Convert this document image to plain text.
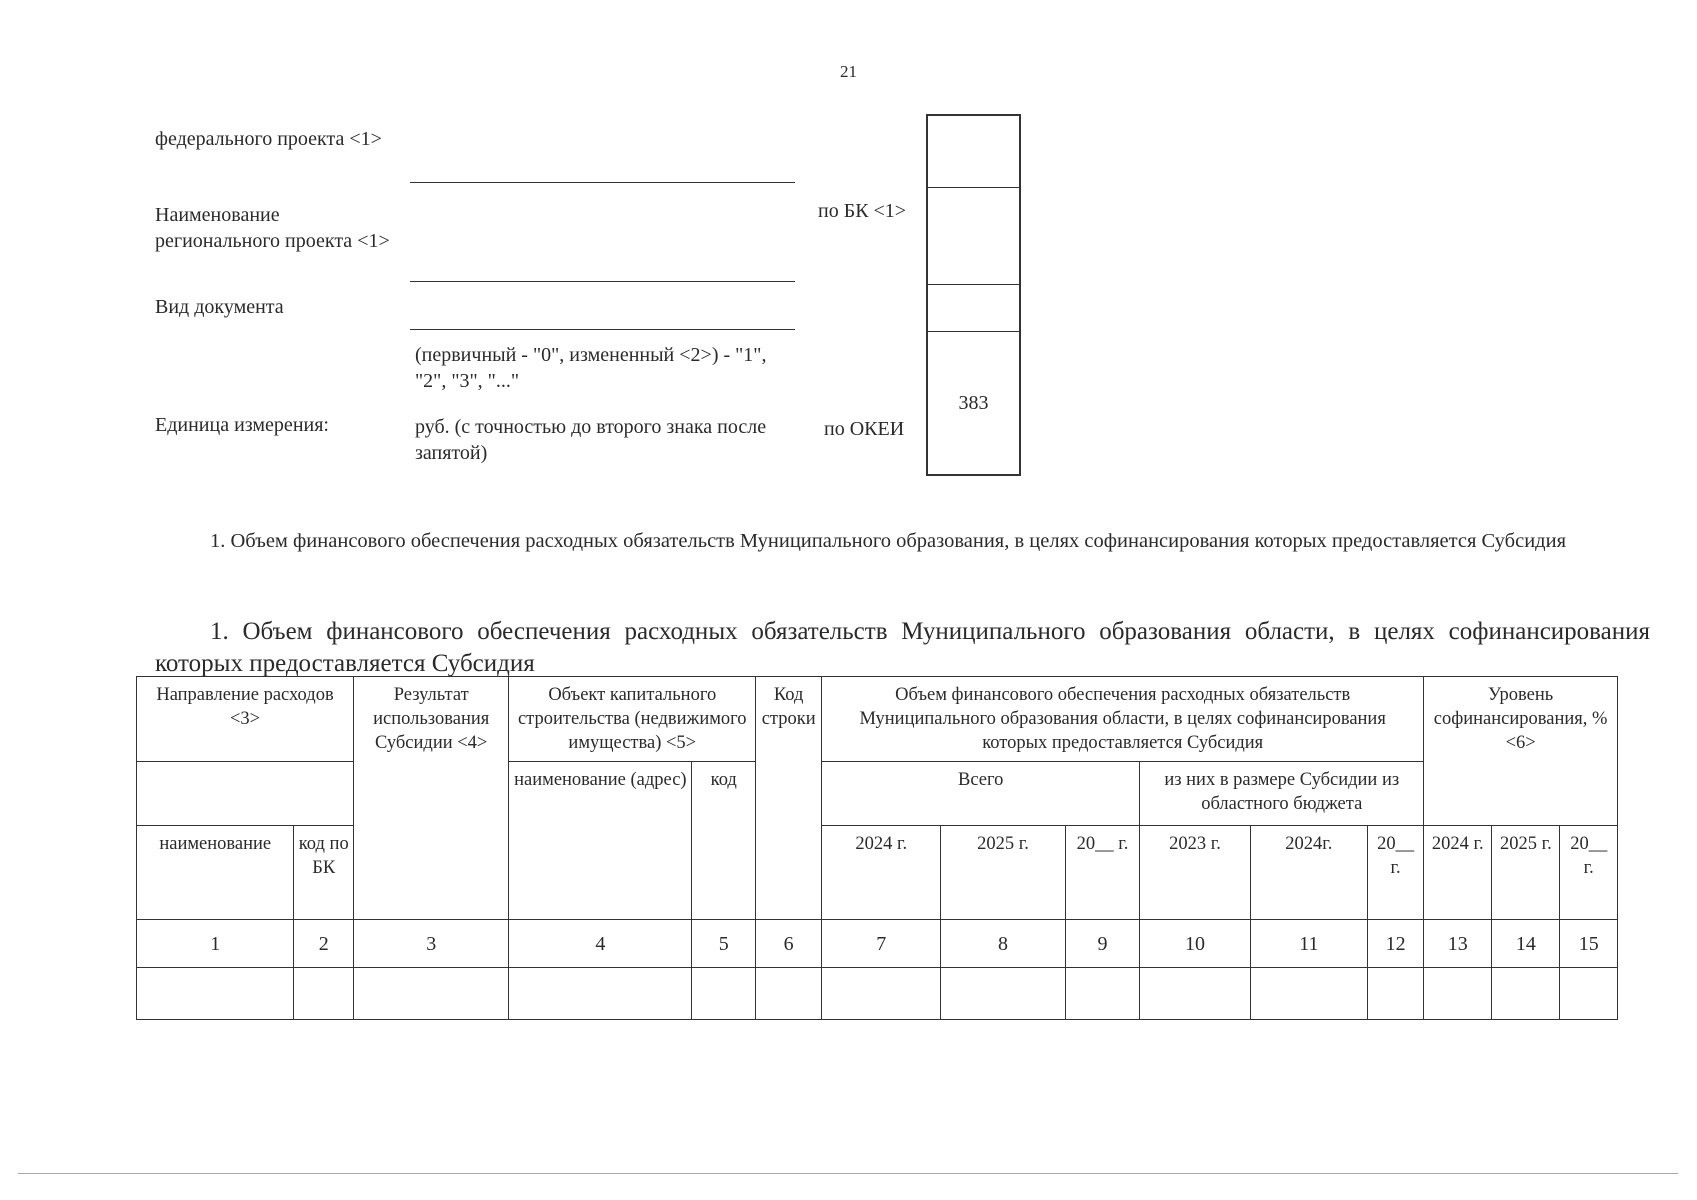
21
федерального проекта <1>
Наименование регионального проекта <1>
по БК <1>
Вид документа
(первичный - "0", измененный <2>) - "1", "2", "3", "..."
Единица измерения:	руб. (с точностью до второго знака после запятой)
по ОКЕИ
383
1. Объем финансового обеспечения расходных обязательств Муниципального образования, в целях софинансирования которых предоставляется Субсидия
1. Объем финансового обеспечения расходных обязательств Муниципального образования области, в целях софинансирования которых предоставляется Субсидия
Направление расходов <3>		Результат использования Субсидии <4>	Объект капитального строительства (недвижимого имущества) <5>		Код строки	Объем финансового обеспечения расходных обязательств Муниципального образования области, в целях софинансирования которых предоставляется Субсидия						Уровень софинансирования, % <6>		
			наименование (адрес)	код		Всего			из них в размере Субсидии из областного бюджета					
наименование	код по БК					2024 г.	2025 г.	20__ г.	2023 г.	2024г.	20__ г.	2024 г.	2025 г.	20__ г.
1	2	3	4	5	6	7	8	9	10	11	12	13	14	15
